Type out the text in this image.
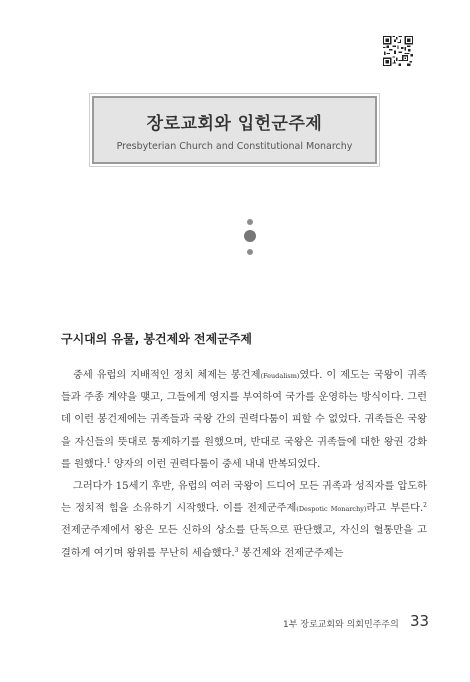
장로교회와 입헌군주제
Presbyterian Church and Constitutional Monarchy
구시대의 유물, 봉건제와 전제군주제

중세 유럽의 지배적인 정치 체제는 봉건제(Feudalism)였다. 이 제도는 국왕이 귀족들과 주종 계약을 맺고, 그들에게 영지를 부여하여 국가를 운영하는 방식이다. 그런데 이런 봉건제에는 귀족들과 국왕 간의 권력다툼이 피할 수 없었다. 귀족들은 국왕을 자신들의 뜻대로 통제하기를 원했으며, 반대로 국왕은 귀족들에 대한 왕권 강화를 원했다.$^1$ 양자의 이런 권력다툼이 중세 내내 반복되었다.

그러다가 15세기 후반, 유럽의 여러 국왕이 드디어 모든 귀족과 성직자를 압도하는 정치적 힘을 소유하기 시작했다. 이를 전제군주제(Despotic Monarchy)라고 부른다.$^2$ 전제군주제에서 왕은 모든 신하의 상소를 단독으로 판단했고, 자신의 혈통만을 고결하게 여기며 왕위를 무난히 세습했다.$^3$ 봉건제와 전제군주제는

1부 장로교회와 의회민주주의 33
